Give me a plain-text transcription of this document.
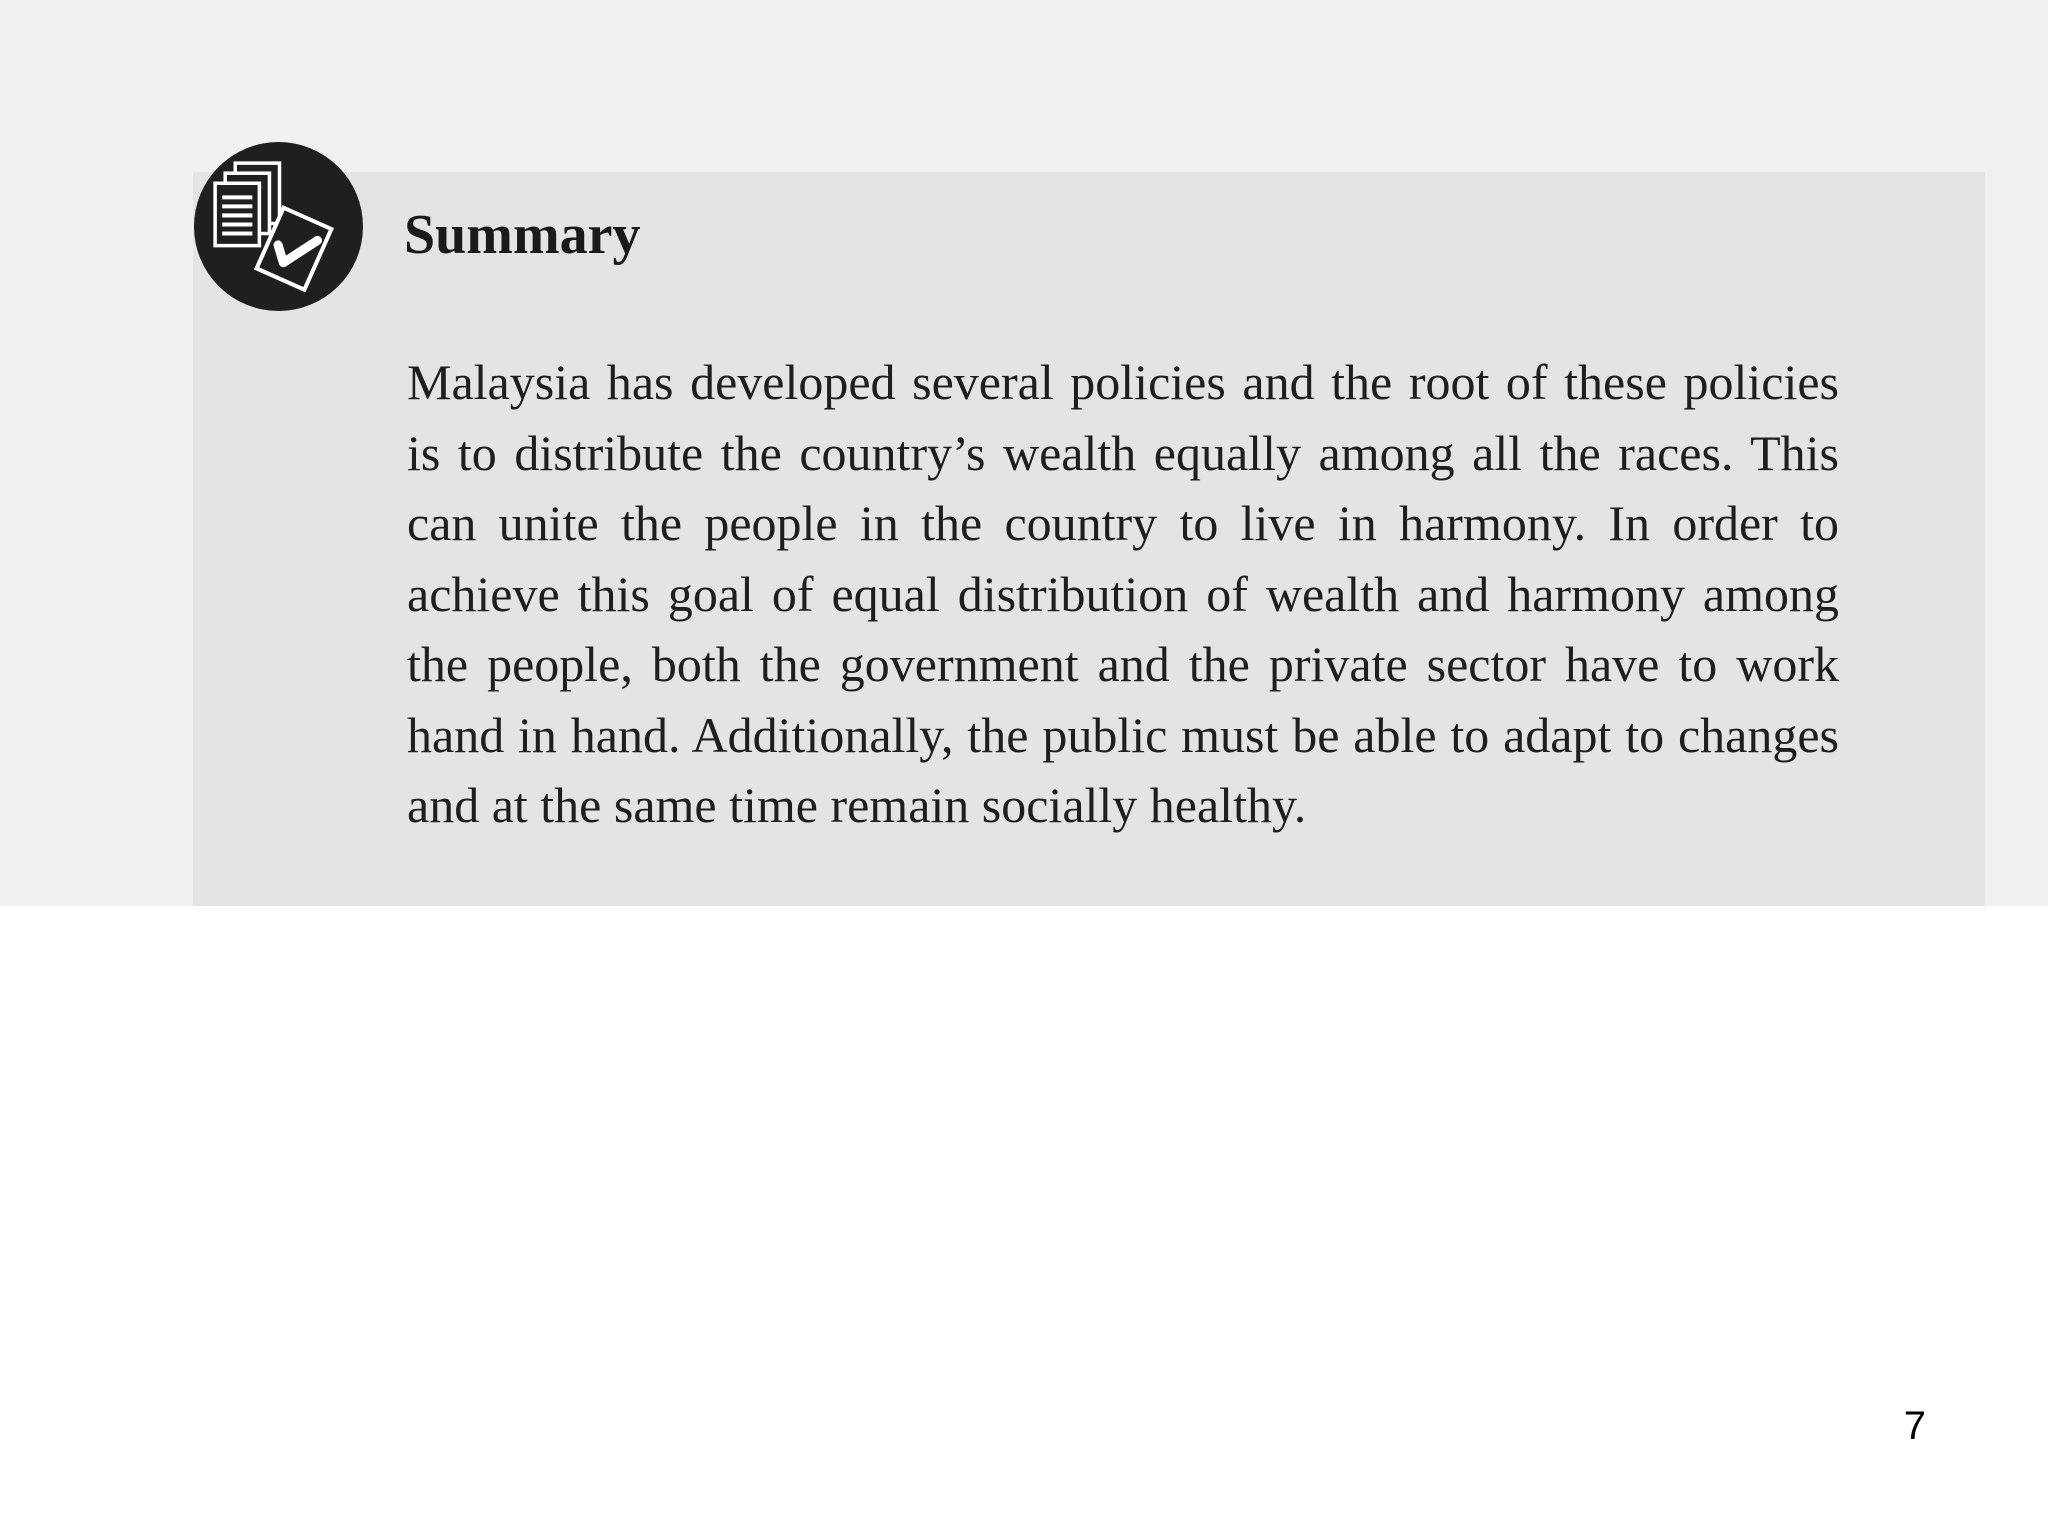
Summary

Malaysia has developed several policies and the root of these policies is to distribute the country’s wealth equally among all the races. This can unite the people in the country to live in harmony. In order to achieve this goal of equal distribution of wealth and harmony among the people, both the government and the private sector have to work hand in hand. Additionally, the public must be able to adapt to changes and at the same time remain socially healthy.

7
